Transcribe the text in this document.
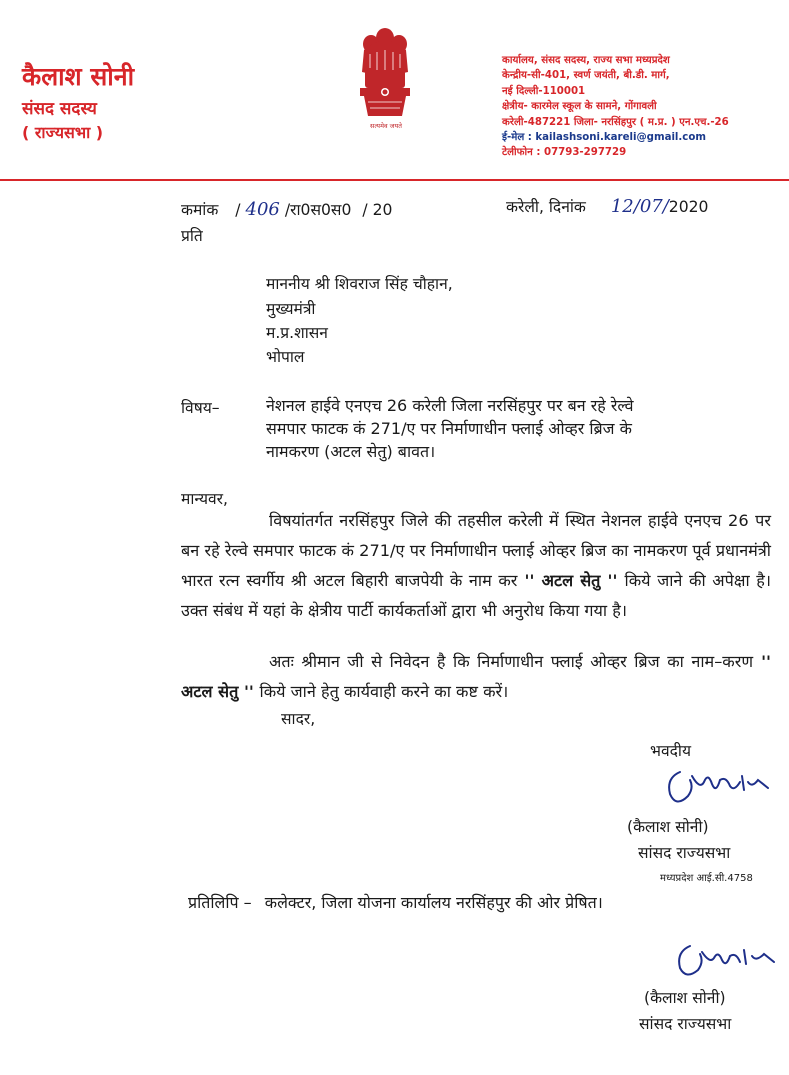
कैलाश सोनी
संसद सदस्य
( राज्यसभा )	सत्यमेव जयते
कार्यालय, संसद सदस्य, राज्य सभा मध्यप्रदेश
केन्द्रीय-सी-401, स्वर्ण जयंती, बी.डी. मार्ग,
नई दिल्ली-110001
क्षेत्रीय- कारमेल स्कूल के सामने, गोंगावली
करेली-487221 जिला- नरसिंहपुर ( म.प्र. ) एन.एच.-26
ई-मेल : kailashsoni.kareli@gmail.com
टेलीफोन : 07793-297729
कमांक / 406 /रा0स0स0 / 20	करेली, दिनांक 12/07/2020
प्रति
माननीय श्री शिवराज सिंह चौहान,
मुख्यमंत्री
म.प्र.शासन
भोपाल
विषय–	नेशनल हाईवे एनएच 26 करेली जिला नरसिंहपुर पर बन रहे रेल्वे
समपार फाटक कं 271/ए पर निर्माणाधीन फ्लाई ओव्हर ब्रिज के
नामकरण (अटल सेतु) बावत।
मान्यवर,
विषयांतर्गत नरसिंहपुर जिले की तहसील करेली में स्थित नेशनल हाईवे एनएच 26 पर बन रहे रेल्वे समपार फाटक कं 271/ए पर निर्माणाधीन फ्लाई ओव्हर ब्रिज का नामकरण पूर्व प्रधानमंत्री भारत रत्न स्वर्गीय श्री अटल बिहारी बाजपेयी के नाम कर '' अटल सेतु '' किये जाने की अपेक्षा है। उक्त संबंध में यहां के क्षेत्रीय पार्टी कार्यकर्ताओं द्वारा भी अनुरोध किया गया है।
अतः श्रीमान जी से निवेदन है कि निर्माणाधीन फ्लाई ओव्हर ब्रिज का नाम–करण '' अटल सेतु '' किये जाने हेतु कार्यवाही करने का कष्ट करें।
सादर,
भवदीय
(कैलाश सोनी)
सांसद राज्यसभा
मध्यप्रदेश आई.सी.4758
प्रतिलिपि – कलेक्टर, जिला योजना कार्यालय नरसिंहपुर की ओर प्रेषित।
(कैलाश सोनी)
सांसद राज्यसभा
